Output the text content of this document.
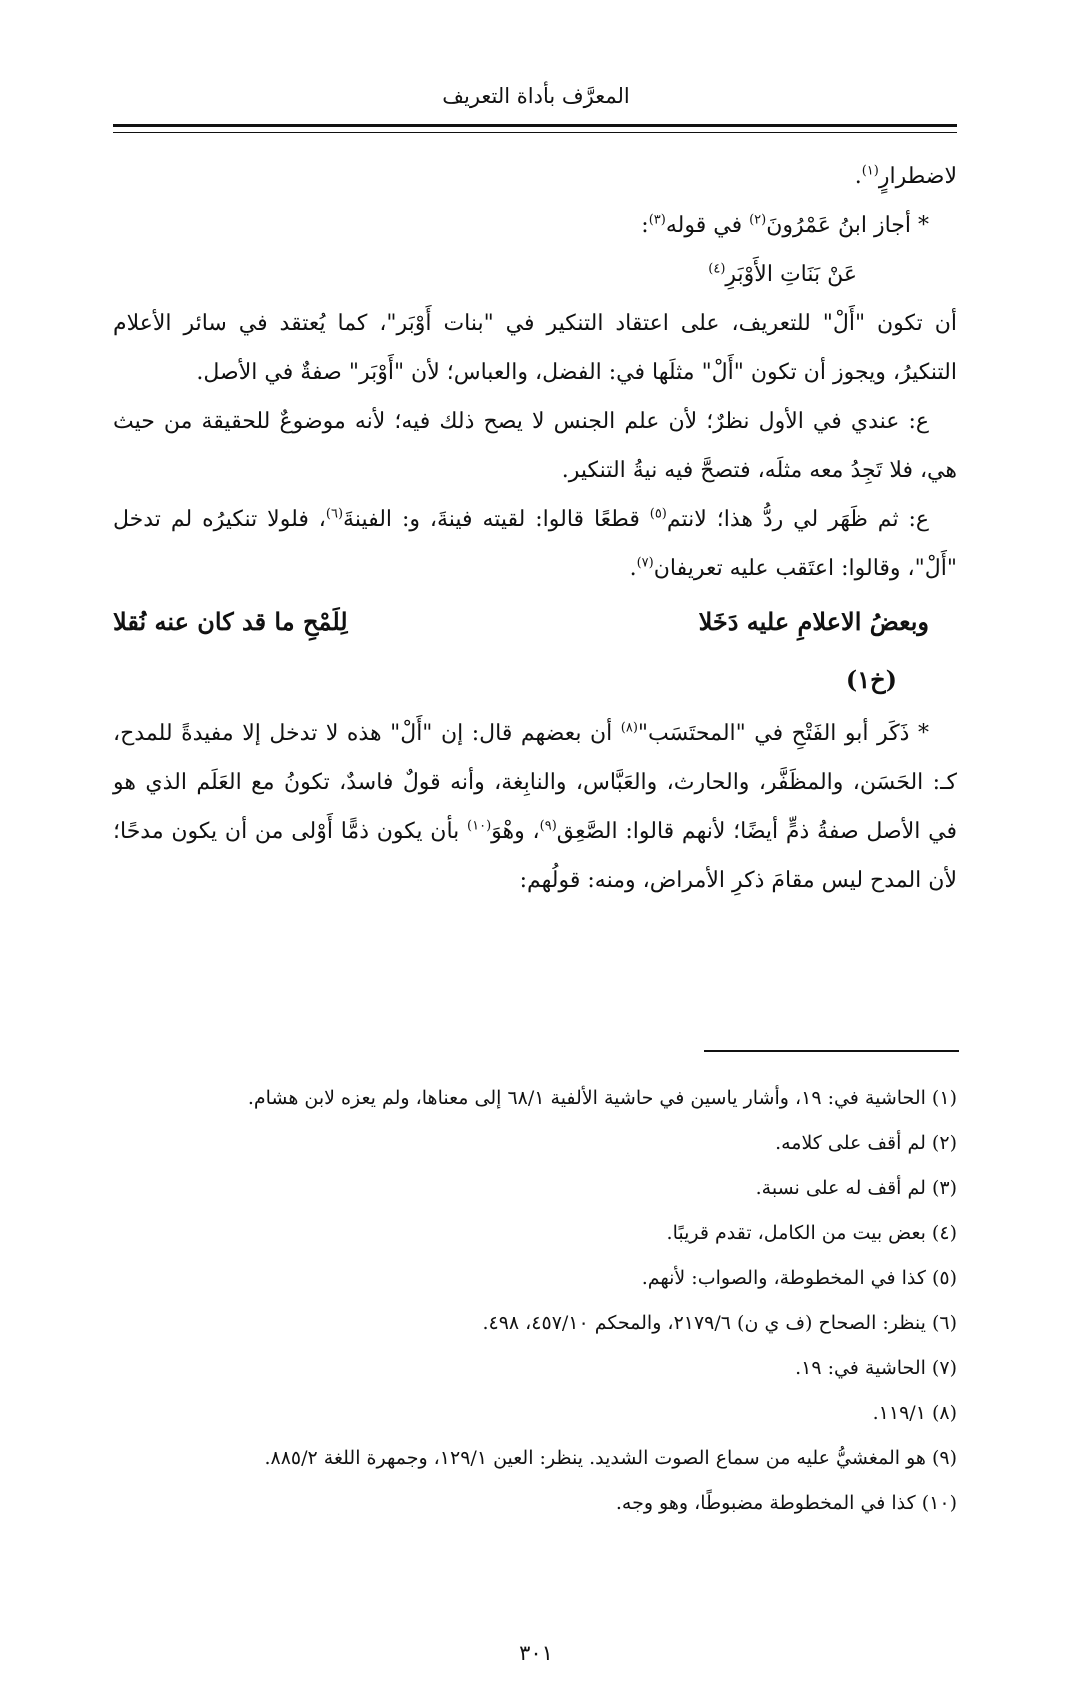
المعرَّف بأداة التعريف

لاضطرارٍ$^{(١)}$.

* أجاز ابنُ عَمْرُونَ$^{(٢)}$ في قوله$^{(٣)}$:

عَنْ بَنَاتِ الأَوْبَرِ$^{(٤)}$

أن تكون "أَلْ" للتعريف، على اعتقاد التنكير في "بنات أَوْبَر"، كما يُعتقد في سائر الأعلام التنكيرُ، ويجوز أن تكون "أَلْ" مثلَها في: الفضل، والعباس؛ لأن "أَوْبَر" صفةٌ في الأصل.

ع: عندي في الأول نظرٌ؛ لأن علم الجنس لا يصح ذلك فيه؛ لأنه موضوعٌ للحقيقة من حيث هي، فلا تَجِدُ معه مثلَه، فتصحَّ فيه نيةُ التنكير.

ع: ثم ظَهَر لي ردُّ هذا؛ لانتم$^{(٥)}$ قطعًا قالوا: لقيته فينةَ، و: الفينةَ$^{(٦)}$، فلولا تنكيرُه لم تدخل "أَلْ"، وقالوا: اعتَقب عليه تعريفان$^{(٧)}$.

وبعضُ الاعلامِ عليه دَخَلا
لِلَمْحِ ما قد كان عنه نُقلا
(خ١)

* ذَكَر أبو الفَتْحِ في "المحتَسَب"$^{(٨)}$ أن بعضهم قال: إن "أَلْ" هذه لا تدخل إلا مفيدةً للمدح، كـ: الحَسَن، والمظَفَّر، والحارث، والعَبَّاس، والنابِغة، وأنه قولٌ فاسدٌ، تكونُ مع العَلَم الذي هو في الأصل صفةُ ذمٍّ أيضًا؛ لأنهم قالوا: الصَّعِق$^{(٩)}$، وهْوَ$^{(١٠)}$ بأن يكون ذمًّا أَوْلى من أن يكون مدحًا؛ لأن المدح ليس مقامَ ذكرِ الأمراض، ومنه: قولُهم:

(١) الحاشية في: ١٩، وأشار ياسين في حاشية الألفية ٦٨/١ إلى معناها، ولم يعزه لابن هشام.

(٢) لم أقف على كلامه.

(٣) لم أقف له على نسبة.

(٤) بعض بيت من الكامل، تقدم قريبًا.

(٥) كذا في المخطوطة، والصواب: لأنهم.

(٦) ينظر: الصحاح (ف ي ن) ٢١٧٩/٦، والمحكم ٤٥٧/١٠، ٤٩٨.

(٧) الحاشية في: ١٩.

(٨) ١١٩/١.

(٩) هو المغشيُّ عليه من سماع الصوت الشديد. ينظر: العين ١٢٩/١، وجمهرة اللغة ٨٨٥/٢.

(١٠) كذا في المخطوطة مضبوطًا، وهو وجه.

٣٠١
